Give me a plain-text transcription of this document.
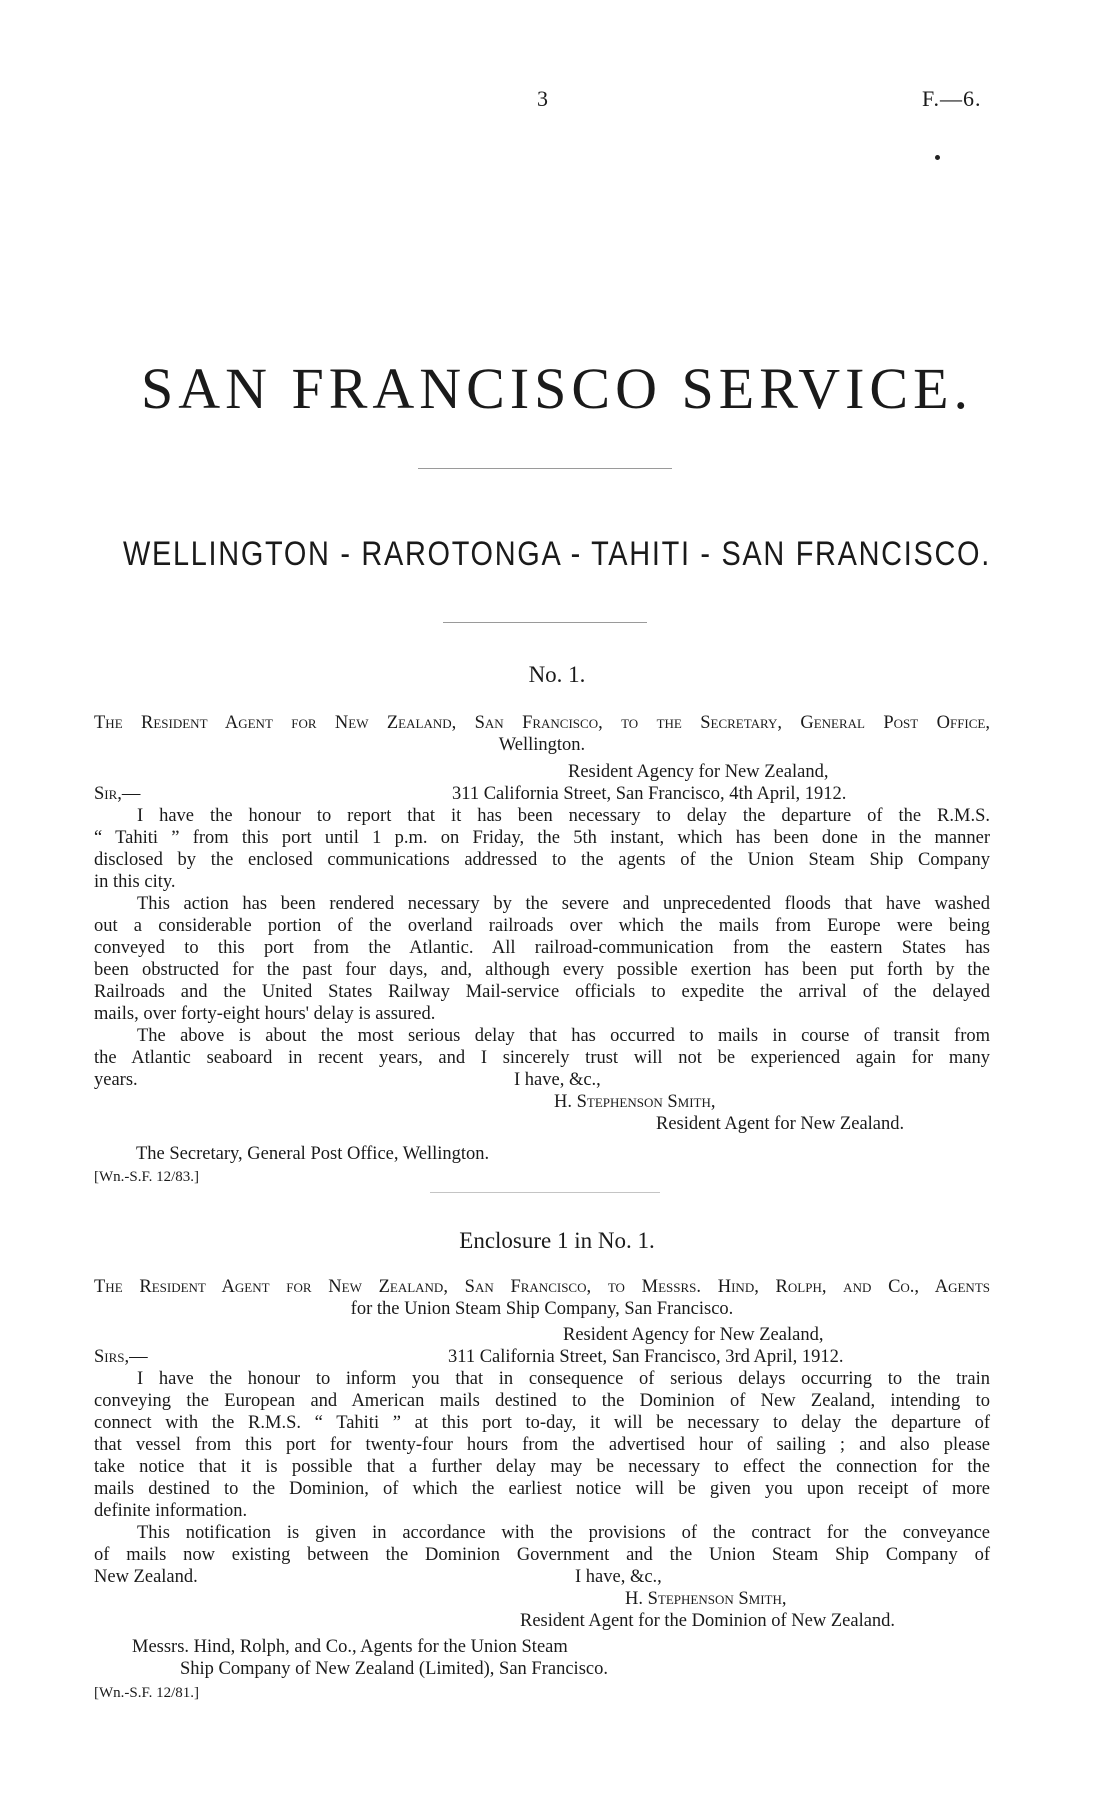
3	F.—6.
SAN FRANCISCO SERVICE.
WELLINGTON - RAROTONGA - TAHITI - SAN FRANCISCO.
No. 1.
The Resident Agent for New Zealand, San Francisco, to the Secretary, General Post Office,
Wellington.
Resident Agency for New Zealand,
Sir,—	311 California Street, San Francisco, 4th April, 1912.
I have the honour to report that it has been necessary to delay the departure of the R.M.S.
“ Tahiti ” from this port until 1 p.m. on Friday, the 5th instant, which has been done in the manner
disclosed by the enclosed communications addressed to the agents of the Union Steam Ship Company
in this city.
This action has been rendered necessary by the severe and unprecedented floods that have washed
out a considerable portion of the overland railroads over which the mails from Europe were being
conveyed to this port from the Atlantic. All railroad-communication from the eastern States has
been obstructed for the past four days, and, although every possible exertion has been put forth by the
Railroads and the United States Railway Mail-service officials to expedite the arrival of the delayed
mails, over forty-eight hours' delay is assured.
The above is about the most serious delay that has occurred to mails in course of transit from
the Atlantic seaboard in recent years, and I sincerely trust will not be experienced again for many
years.	I have, &c.,
H. Stephenson Smith,
Resident Agent for New Zealand.
The Secretary, General Post Office, Wellington.
[Wn.-S.F. 12/83.]
Enclosure 1 in No. 1.
The Resident Agent for New Zealand, San Francisco, to Messrs. Hind, Rolph, and Co., Agents
for the Union Steam Ship Company, San Francisco.
Resident Agency for New Zealand,
Sirs,—	311 California Street, San Francisco, 3rd April, 1912.
I have the honour to inform you that in consequence of serious delays occurring to the train
conveying the European and American mails destined to the Dominion of New Zealand, intending to
connect with the R.M.S. “ Tahiti ” at this port to-day, it will be necessary to delay the departure of
that vessel from this port for twenty-four hours from the advertised hour of sailing ; and also please
take notice that it is possible that a further delay may be necessary to effect the connection for the
mails destined to the Dominion, of which the earliest notice will be given you upon receipt of more
definite information.
This notification is given in accordance with the provisions of the contract for the conveyance
of mails now existing between the Dominion Government and the Union Steam Ship Company of
New Zealand.	I have, &c.,
H. Stephenson Smith,
Resident Agent for the Dominion of New Zealand.
Messrs. Hind, Rolph, and Co., Agents for the Union Steam
Ship Company of New Zealand (Limited), San Francisco.
[Wn.-S.F. 12/81.]
